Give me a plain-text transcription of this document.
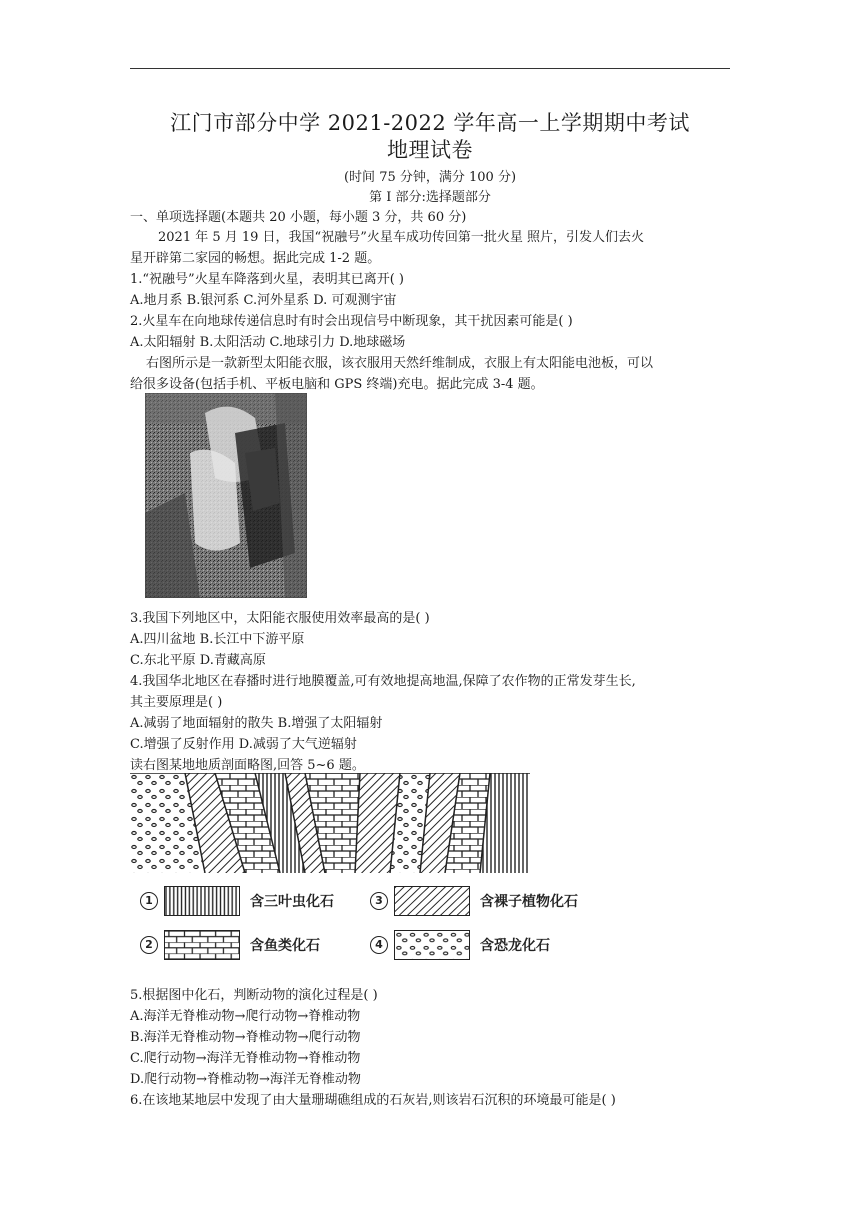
江门市部分中学 2021-2022 学年高一上学期期中考试
地理试卷
(时间 75 分钟，满分 100 分)
第 I 部分:选择题部分
一、单项选择题(本题共 20 小题，每小题 3 分，共 60 分)
2021 年 5 月 19 日，我国“祝融号”火星车成功传回第一批火星 照片，引发人们去火
星开辟第二家园的畅想。据此完成 1-2 题。
1.“祝融号”火星车降落到火星，表明其已离开( )
A.地月系 B.银河系 C.河外星系 D. 可观测宇宙
2.火星车在向地球传递信息时有时会出现信号中断现象，其干扰因素可能是( )
A.太阳辐射 B.太阳活动 C.地球引力 D.地球磁场
右图所示是一款新型太阳能衣服，该衣服用天然纤维制成，衣服上有太阳能电池板，可以
给很多设备(包括手机、平板电脑和 GPS 终端)充电。据此完成 3-4 题。
3.我国下列地区中，太阳能衣服使用效率最高的是( )
A.四川盆地 B.长江中下游平原
C.东北平原 D.青藏高原
4.我国华北地区在春播时进行地膜覆盖,可有效地提高地温,保障了农作物的正常发芽生长,
其主要原理是( )
A.减弱了地面辐射的散失 B.增强了太阳辐射
C.增强了反射作用 D.减弱了大气逆辐射
读右图某地地质剖面略图,回答 5~6 题。
1	含三叶虫化石	3	含裸子植物化石
2	含鱼类化石	4	含恐龙化石
5.根据图中化石，判断动物的演化过程是( )
A.海洋无脊椎动物→爬行动物→脊椎动物
B.海洋无脊椎动物→脊椎动物→爬行动物
C.爬行动物→海洋无脊椎动物→脊椎动物
D.爬行动物→脊椎动物→海洋无脊椎动物
6.在该地某地层中发现了由大量珊瑚礁组成的石灰岩,则该岩石沉积的环境最可能是( )
